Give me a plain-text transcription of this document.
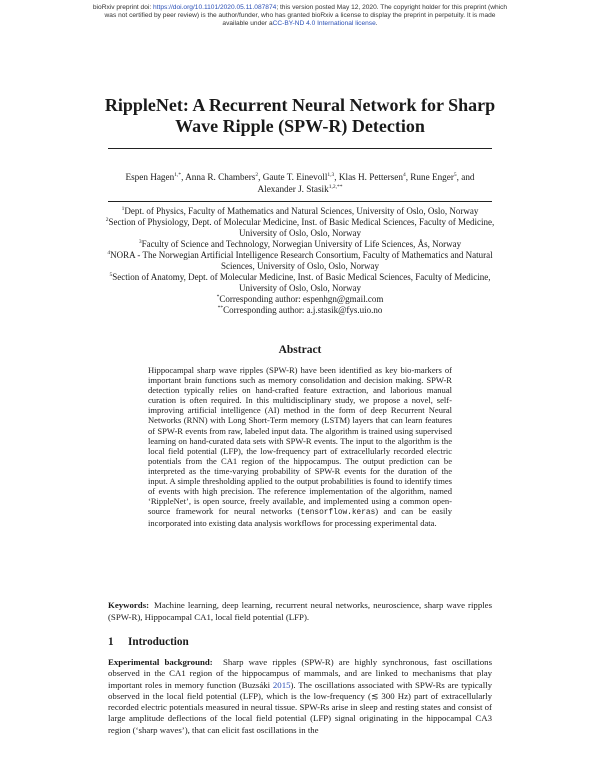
bioRxiv preprint doi: https://doi.org/10.1101/2020.05.11.087874; this version posted May 12, 2020. The copyright holder for this preprint (which
was not certified by peer review) is the author/funder, who has granted bioRxiv a license to display the preprint in perpetuity. It is made
available under aCC-BY-ND 4.0 International license.
RippleNet: A Recurrent Neural Network for Sharp
Wave Ripple (SPW-R) Detection
Espen Hagen$^{1,*}$, Anna R. Chambers$^2$, Gaute T. Einevoll$^{1,3}$, Klas H. Pettersen$^4$, Rune Enger$^5$, and
Alexander J. Stasik$^{1,2,**}$
$^1$Dept. of Physics, Faculty of Mathematics and Natural Sciences, University of Oslo, Oslo, Norway
$^2$Section of Physiology, Dept. of Molecular Medicine, Inst. of Basic Medical Sciences, Faculty of Medicine, University of Oslo, Oslo, Norway
$^3$Faculty of Science and Technology, Norwegian University of Life Sciences, Ås, Norway
$^4$NORA - The Norwegian Artificial Intelligence Research Consortium, Faculty of Mathematics and Natural Sciences, University of Oslo, Oslo, Norway
$^5$Section of Anatomy, Dept. of Molecular Medicine, Inst. of Basic Medical Sciences, Faculty of Medicine, University of Oslo, Oslo, Norway
*Corresponding author: espenhgn@gmail.com
**Corresponding author: a.j.stasik@fys.uio.no
Abstract
Hippocampal sharp wave ripples (SPW-R) have been identified as key bio-markers of important brain functions such as memory consolidation and decision making. SPW-R detection typically relies on hand-crafted feature extraction, and laborious manual curation is often required. In this multidisciplinary study, we propose a novel, self-improving artificial intelligence (AI) method in the form of deep Recurrent Neural Networks (RNN) with Long Short-Term memory (LSTM) layers that can learn features of SPW-R events from raw, labeled input data. The algorithm is trained using supervised learning on hand-curated data sets with SPW-R events. The input to the algorithm is the local field potential (LFP), the low-frequency part of extracellularly recorded electric potentials from the CA1 region of the hippocampus. The output prediction can be interpreted as the time-varying probability of SPW-R events for the duration of the input. A simple thresholding applied to the output probabilities is found to identify times of events with high precision. The reference implementation of the algorithm, named ‘RippleNet’, is open source, freely available, and implemented using a common open-source framework for neural networks (tensorflow.keras) and can be easily incorporated into existing data analysis workflows for processing experimental data.
Keywords: Machine learning, deep learning, recurrent neural networks, neuroscience, sharp wave ripples (SPW-R), Hippocampal CA1, local field potential (LFP).
1 Introduction
Experimental background: Sharp wave ripples (SPW-R) are highly synchronous, fast oscillations observed in the CA1 region of the hippocampus of mammals, and are linked to mechanisms that play important roles in memory function (Buzsáki 2015). The oscillations associated with SPW-Rs are typically observed in the local field potential (LFP), which is the low-frequency (≲ 300 Hz) part of extracellularly recorded electric potentials measured in neural tissue. SPW-Rs arise in sleep and resting states and consist of large amplitude deflections of the local field potential (LFP) signal originating in the hippocampal CA3 region (‘sharp waves’), that can elicit fast oscillations in the
